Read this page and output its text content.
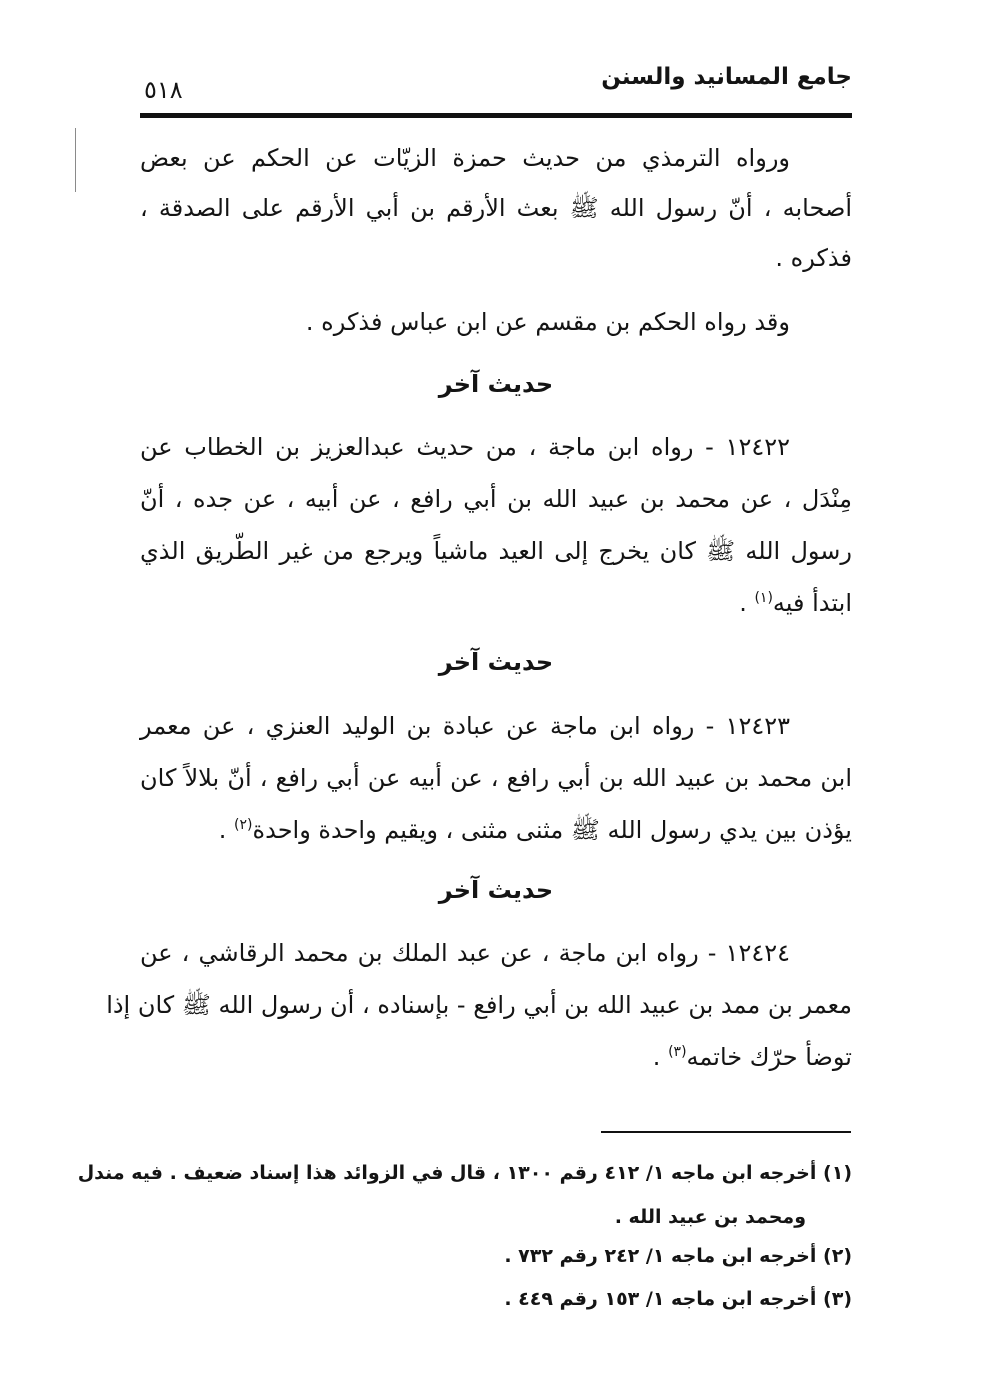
جامع المسانيد والسنن
٥١٨
ورواه الترمذي من حديث حمزة الزيّات عن الحكم عن بعض
أصحابه ، أنّ رسول الله ﷺ بعث الأرقم بن أبي الأرقم على الصدقة ،
فذكره .
وقد رواه الحكم بن مقسم عن ابن عباس فذكره .
حديث آخر
١٢٤٢٢ - رواه ابن ماجة ، من حديث عبدالعزيز بن الخطاب عن
مِنْدَل ، عن محمد بن عبيد الله بن أبي رافع ، عن أبيه ، عن جده ، أنّ
رسول الله ﷺ كان يخرج إلى العيد ماشياً ويرجع من غير الطّريق الذي
ابتدأ فيه$^{(١)}$ .
حديث آخر
١٢٤٢٣ - رواه ابن ماجة عن عبادة بن الوليد العنزي ، عن معمر
ابن محمد بن عبيد الله بن أبي رافع ، عن أبيه عن أبي رافع ، أنّ بلالاً كان
يؤذن بين يدي رسول الله ﷺ مثنى مثنى ، ويقيم واحدة واحدة$^{(٢)}$ .
حديث آخر
١٢٤٢٤ - رواه ابن ماجة ، عن عبد الملك بن محمد الرقاشي ، عن
معمر بن ممد بن عبيد الله بن أبي رافع - بإسناده ، أن رسول الله ﷺ كان إذا
توضأ حرّك خاتمه$^{(٣)}$ .
(١) أخرجه ابن ماجه ١/ ٤١٢ رقم ١٣٠٠ ، قال في الزوائد هذا إسناد ضعيف . فيه مندل
ومحمد بن عبيد الله .
(٢) أخرجه ابن ماجه ١/ ٢٤٢ رقم ٧٣٢ .
(٣) أخرجه ابن ماجه ١/ ١٥٣ رقم ٤٤٩ .
